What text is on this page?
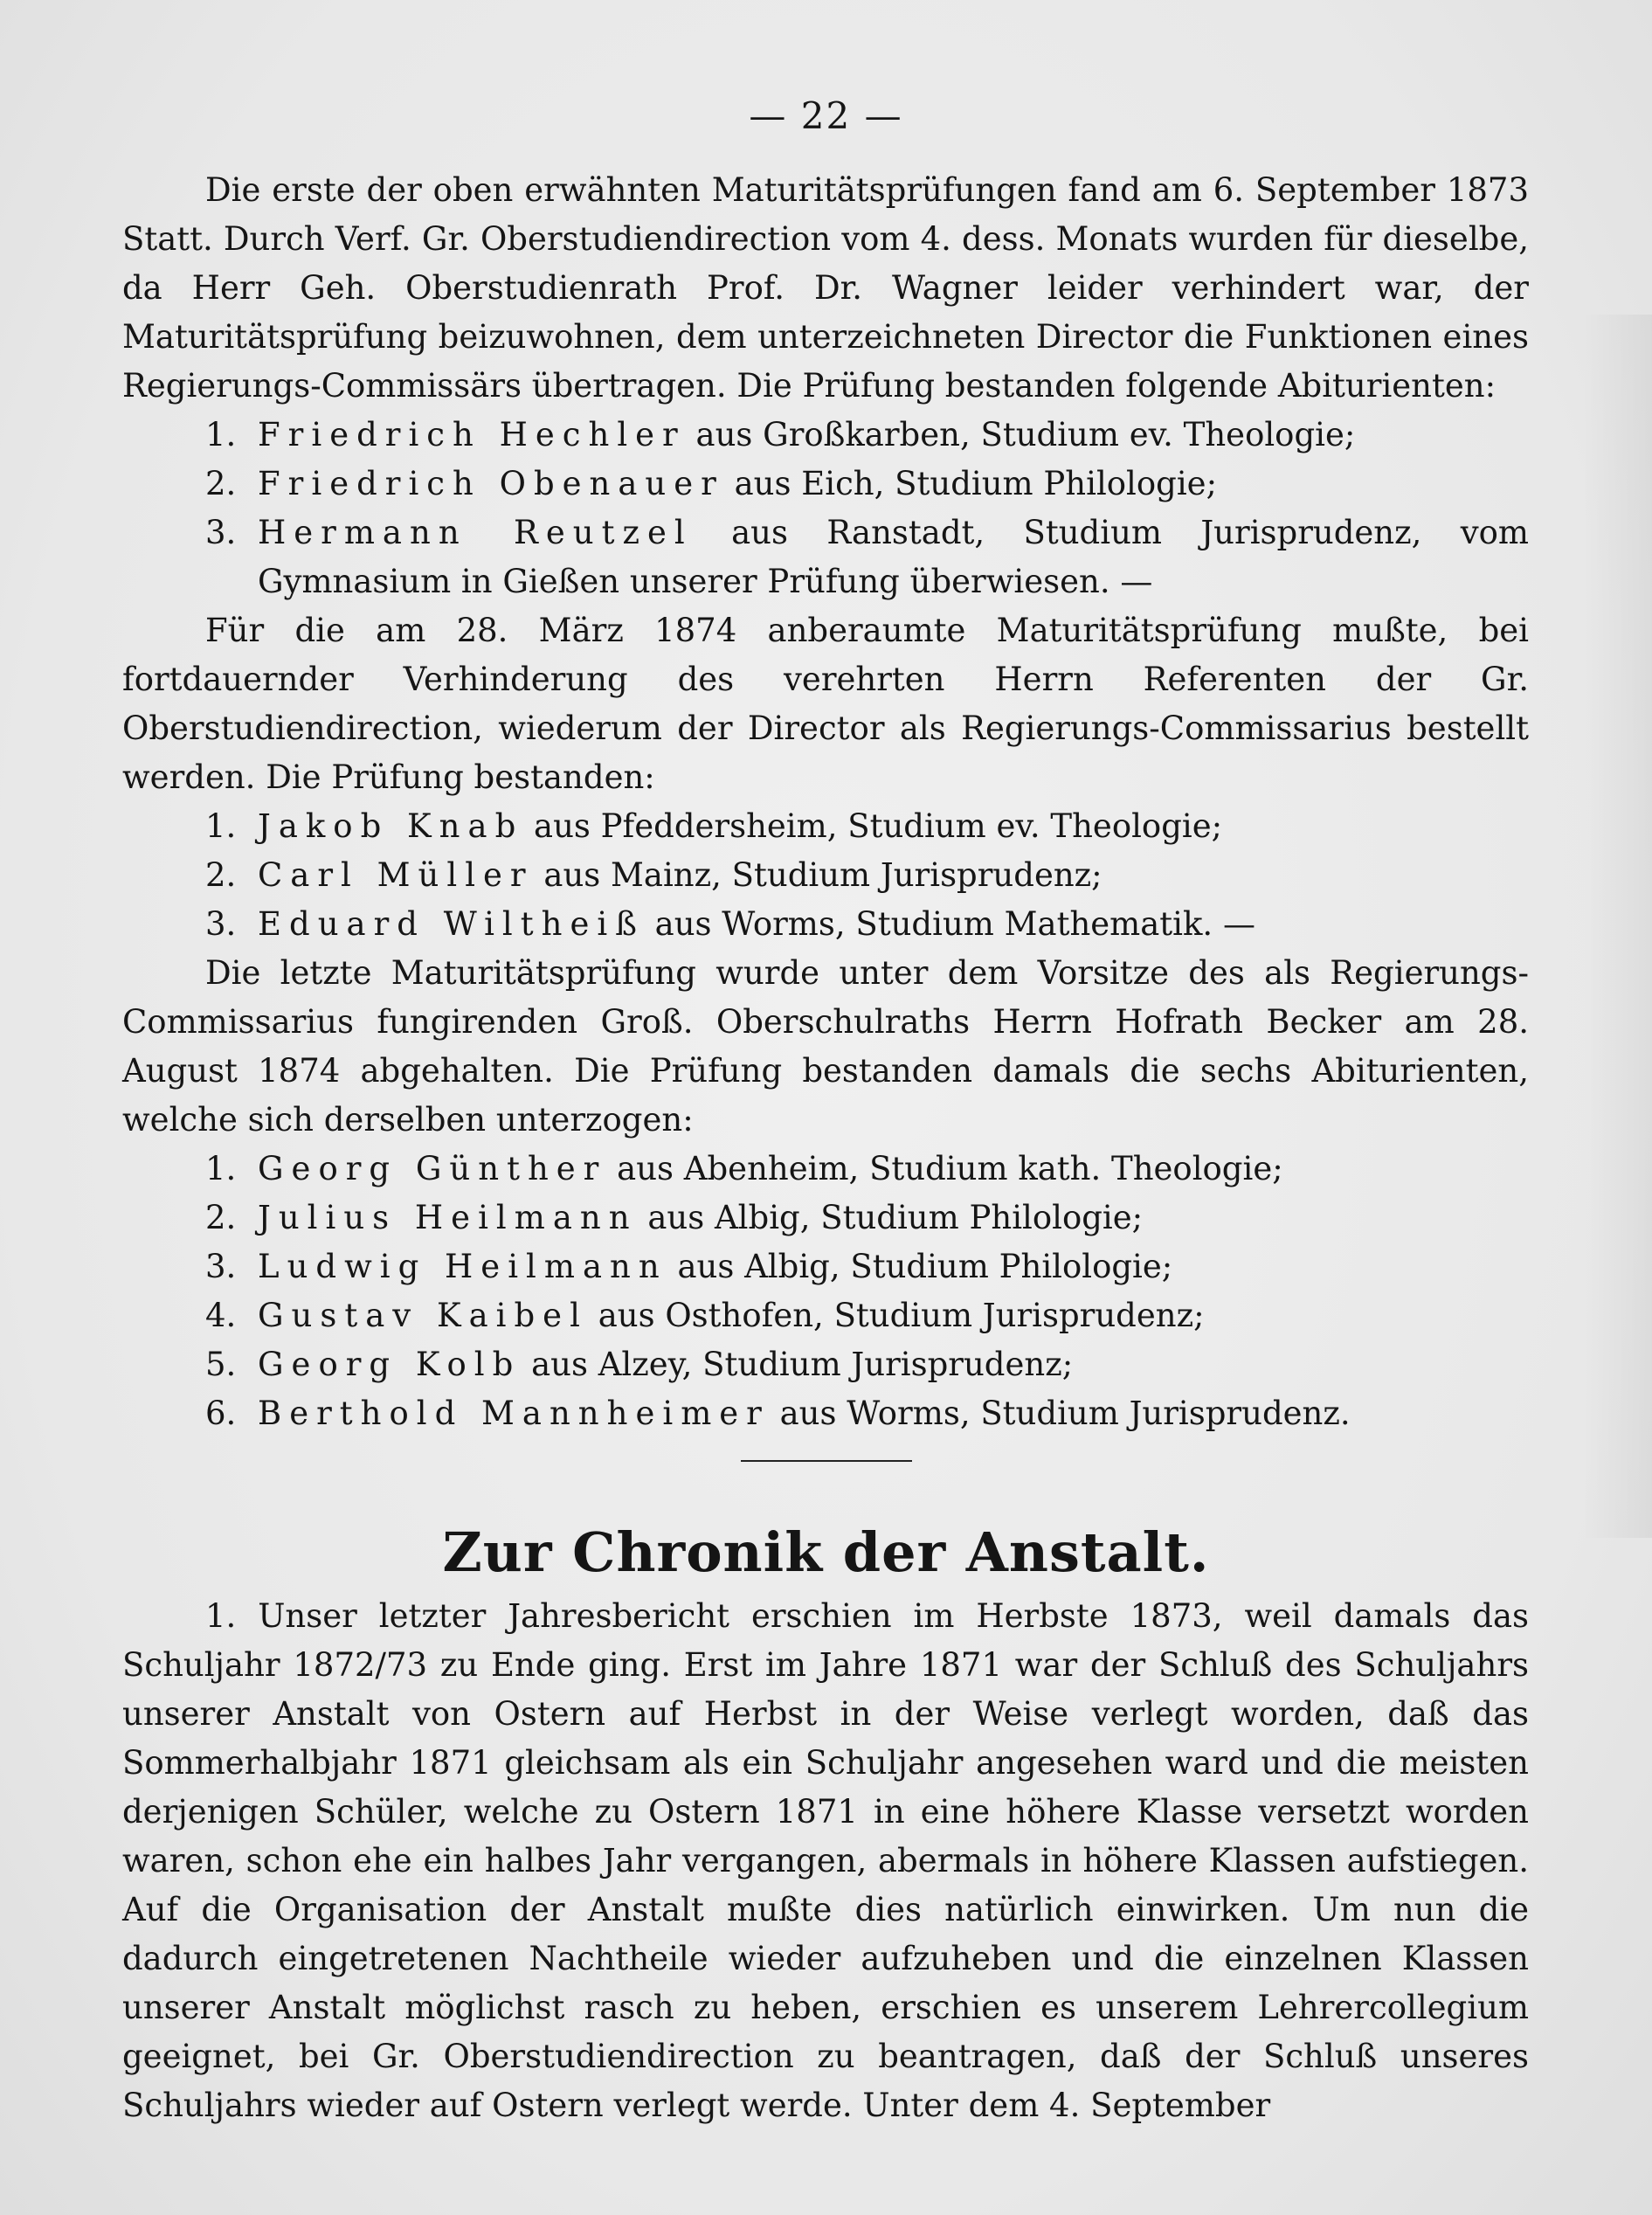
— 22 —

Die erste der oben erwähnten Maturitätsprüfungen fand am 6. September 1873 Statt. Durch Verf. Gr. Oberstudiendirection vom 4. dess. Monats wurden für dieselbe, da Herr Geh. Oberstudienrath Prof. Dr. Wagner leider verhindert war, der Maturitätsprüfung beizuwohnen, dem unterzeichneten Director die Funktionen eines Regierungs-Commissärs übertragen. Die Prüfung bestanden folgende Abiturienten:

1. Friedrich Hechler aus Großkarben, Studium ev. Theologie;
2. Friedrich Obenauer aus Eich, Studium Philologie;
3. Hermann Reutzel aus Ranstadt, Studium Jurisprudenz, vom Gymnasium in Gießen unserer Prüfung überwiesen. —

Für die am 28. März 1874 anberaumte Maturitätsprüfung mußte, bei fortdauernder Verhinderung des verehrten Herrn Referenten der Gr. Oberstudiendirection, wiederum der Director als Regierungs-Commissarius bestellt werden. Die Prüfung bestanden:

1. Jakob Knab aus Pfeddersheim, Studium ev. Theologie;
2. Carl Müller aus Mainz, Studium Jurisprudenz;
3. Eduard Wiltheiß aus Worms, Studium Mathematik. —

Die letzte Maturitätsprüfung wurde unter dem Vorsitze des als Regierungs-Commissarius fungirenden Groß. Oberschulraths Herrn Hofrath Becker am 28. August 1874 abgehalten. Die Prüfung bestanden damals die sechs Abiturienten, welche sich derselben unterzogen:

1. Georg Günther aus Abenheim, Studium kath. Theologie;
2. Julius Heilmann aus Albig, Studium Philologie;
3. Ludwig Heilmann aus Albig, Studium Philologie;
4. Gustav Kaibel aus Osthofen, Studium Jurisprudenz;
5. Georg Kolb aus Alzey, Studium Jurisprudenz;
6. Berthold Mannheimer aus Worms, Studium Jurisprudenz.
Zur Chronik der Anstalt.

1. Unser letzter Jahresbericht erschien im Herbste 1873, weil damals das Schuljahr 1872/73 zu Ende ging. Erst im Jahre 1871 war der Schluß des Schuljahrs unserer Anstalt von Ostern auf Herbst in der Weise verlegt worden, daß das Sommerhalbjahr 1871 gleichsam als ein Schuljahr angesehen ward und die meisten derjenigen Schüler, welche zu Ostern 1871 in eine höhere Klasse versetzt worden waren, schon ehe ein halbes Jahr vergangen, abermals in höhere Klassen aufstiegen. Auf die Organisation der Anstalt mußte dies natürlich einwirken. Um nun die dadurch eingetretenen Nachtheile wieder aufzuheben und die einzelnen Klassen unserer Anstalt möglichst rasch zu heben, erschien es unserem Lehrercollegium geeignet, bei Gr. Oberstudiendirection zu beantragen, daß der Schluß unseres Schuljahrs wieder auf Ostern verlegt werde. Unter dem 4. September
